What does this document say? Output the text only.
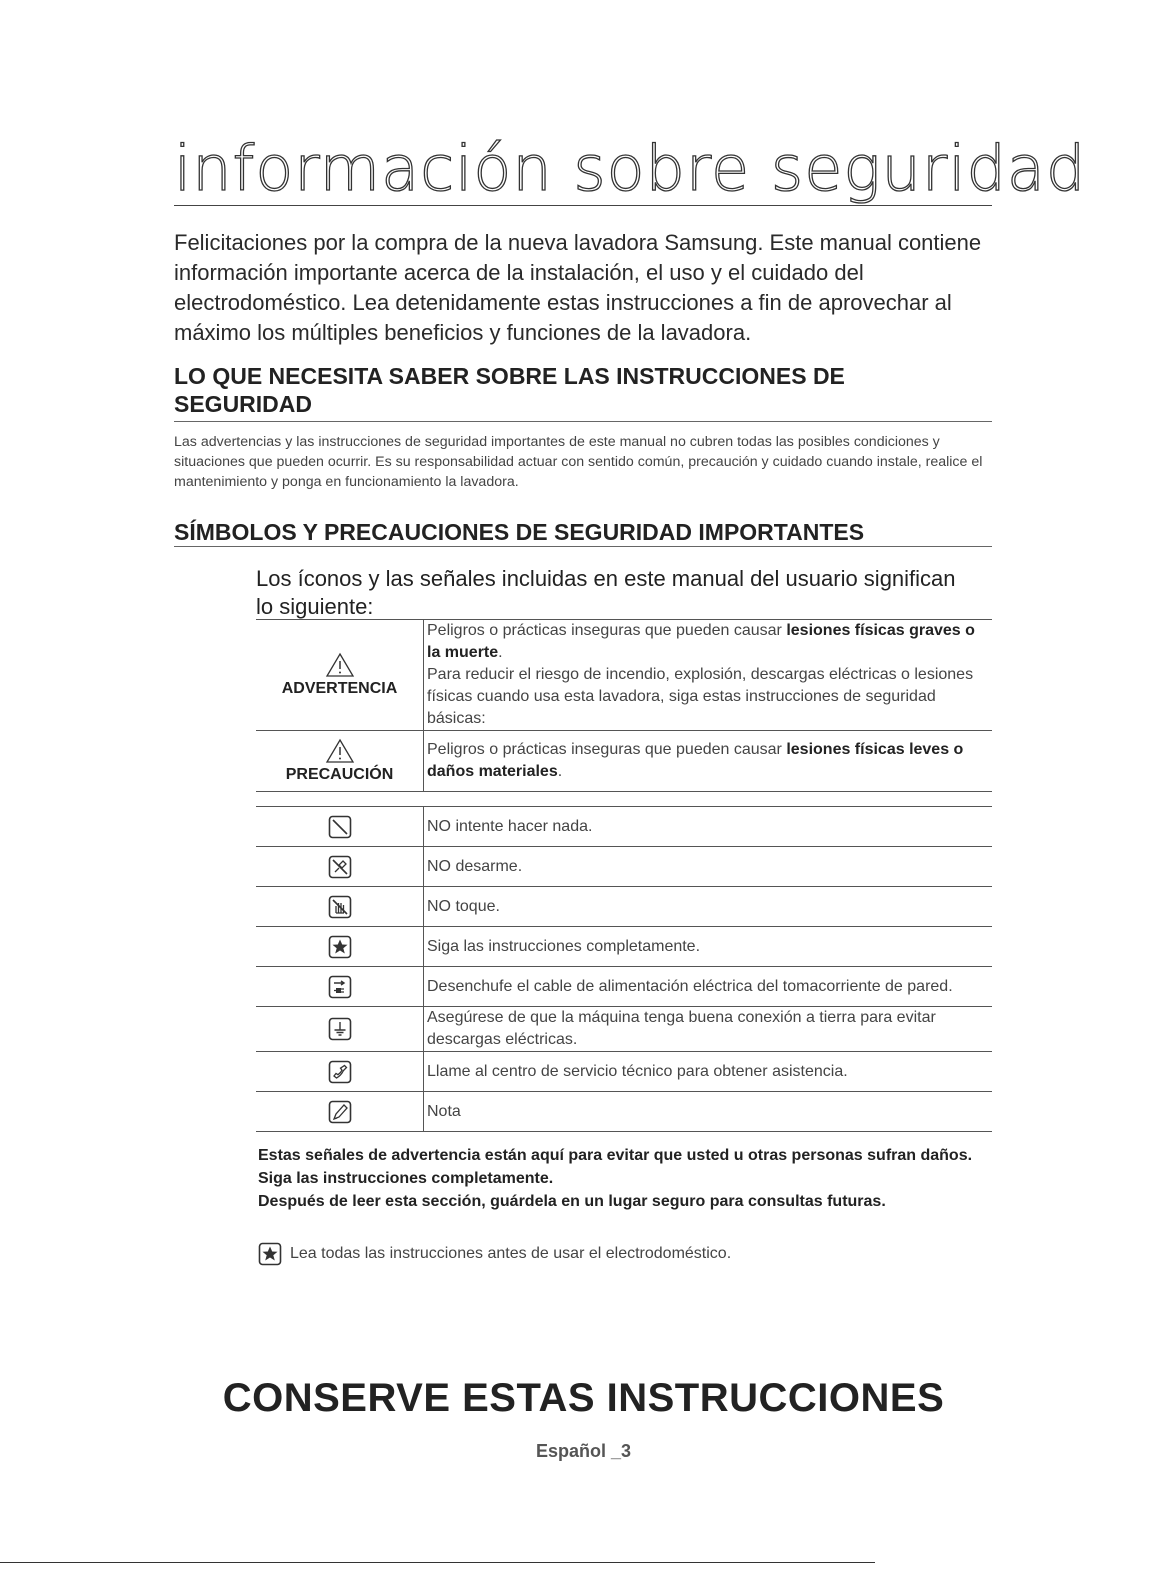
información sobre seguridad
Felicitaciones por la compra de la nueva lavadora Samsung. Este manual contiene información importante acerca de la instalación, el uso y el cuidado del electrodoméstico. Lea detenidamente estas instrucciones a fin de aprovechar al máximo los múltiples beneficios y funciones de la lavadora.
LO QUE NECESITA SABER SOBRE LAS INSTRUCCIONES DE SEGURIDAD
Las advertencias y las instrucciones de seguridad importantes de este manual no cubren todas las posibles condiciones y situaciones que pueden ocurrir. Es su responsabilidad actuar con sentido común, precaución y cuidado cuando instale, realice el mantenimiento y ponga en funcionamiento la lavadora.
SÍMBOLOS Y PRECAUCIONES DE SEGURIDAD IMPORTANTES
Los íconos y las señales incluidas en este manual del usuario significan lo siguiente:
ADVERTENCIA	Peligros o prácticas inseguras que pueden causar lesiones físicas graves o la muerte.
Para reducir el riesgo de incendio, explosión, descargas eléctricas o lesiones físicas cuando usa esta lavadora, siga estas instrucciones de seguridad básicas:

PRECAUCIÓN	Peligros o prácticas inseguras que pueden causar lesiones físicas leves o daños materiales.

	NO intente hacer nada.
	NO desarme.
	NO toque.
	Siga las instrucciones completamente.
	Desenchufe el cable de alimentación eléctrica del tomacorriente de pared.
	Asegúrese de que la máquina tenga buena conexión a tierra para evitar descargas eléctricas.
	Llame al centro de servicio técnico para obtener asistencia.
	Nota
Estas señales de advertencia están aquí para evitar que usted u otras personas sufran daños.
Siga las instrucciones completamente.
Después de leer esta sección, guárdela en un lugar seguro para consultas futuras.
Lea todas las instrucciones antes de usar el electrodoméstico.
CONSERVE ESTAS INSTRUCCIONES
Español _3
